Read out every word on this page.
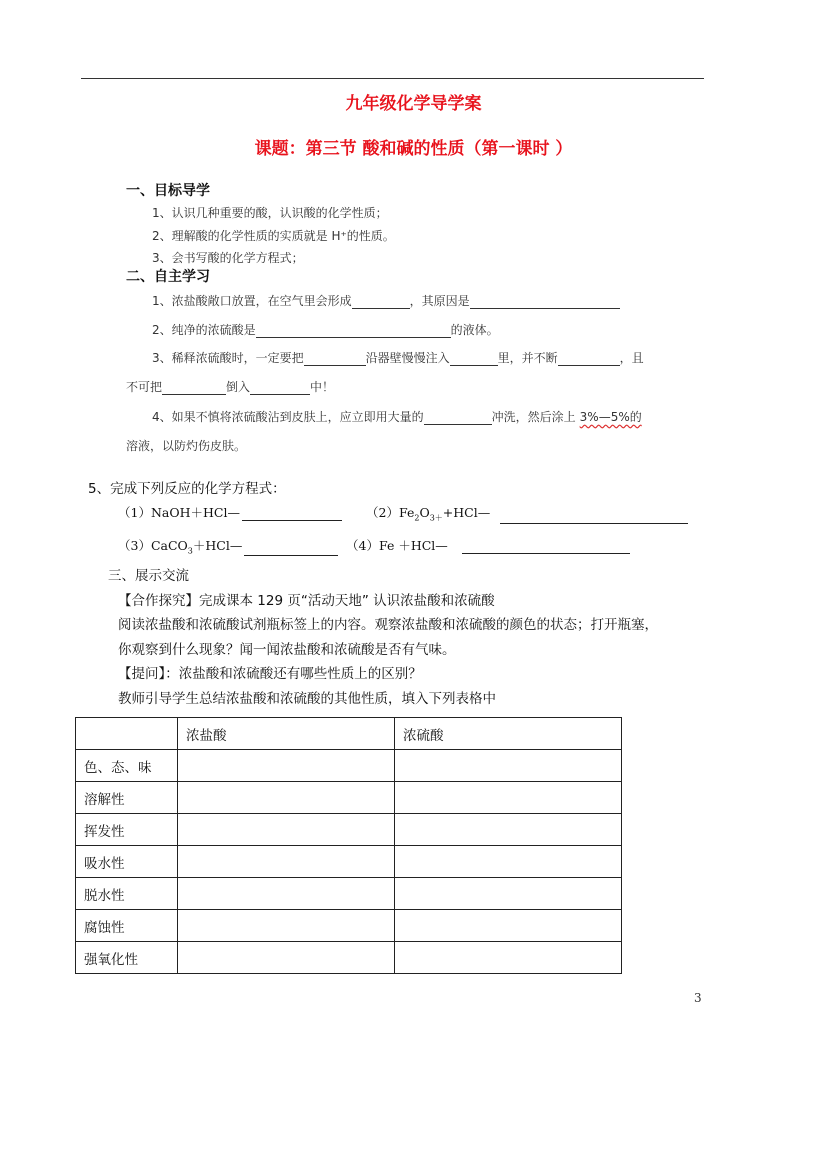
九年级化学导学案
课题：第三节 酸和碱的性质（第一课时 ）
一、目标导学
1、认识几种重要的酸，认识酸的化学性质；
2、理解酸的化学性质的实质就是 H⁺的性质。
3、会书写酸的化学方程式；
二、自主学习
1、浓盐酸敞口放置，在空气里会形成	，其原因是
2、纯净的浓硫酸是	的液体。
3、稀释浓硫酸时，一定要把	沿器壁慢慢注入	里，并不断	，且
不可把	倒入	中！
4、如果不慎将浓硫酸沾到皮肤上，应立即用大量的	冲洗，然后涂上 3%—5%的
溶液，以防灼伤皮肤。
5、完成下列反应的化学方程式：
（1）NaOH＋HCl—	$(2)Fe_2O_{3+}+HCl—$
（3）CaCO$_3$＋HCl—	（4）Fe ＋HCl—
三、展示交流
【合作探究】完成课本 129 页“活动天地” 认识浓盐酸和浓硫酸
阅读浓盐酸和浓硫酸试剂瓶标签上的内容。观察浓盐酸和浓硫酸的颜色的状态；打开瓶塞，
你观察到什么现象？闻一闻浓盐酸和浓硫酸是否有气味。
【提问】：浓盐酸和浓硫酸还有哪些性质上的区别？
教师引导学生总结浓盐酸和浓硫酸的其他性质，填入下列表格中
	浓盐酸	浓硫酸
色、态、味		
溶解性		
挥发性		
吸水性		
脱水性		
腐蚀性		
强氧化性		
3
